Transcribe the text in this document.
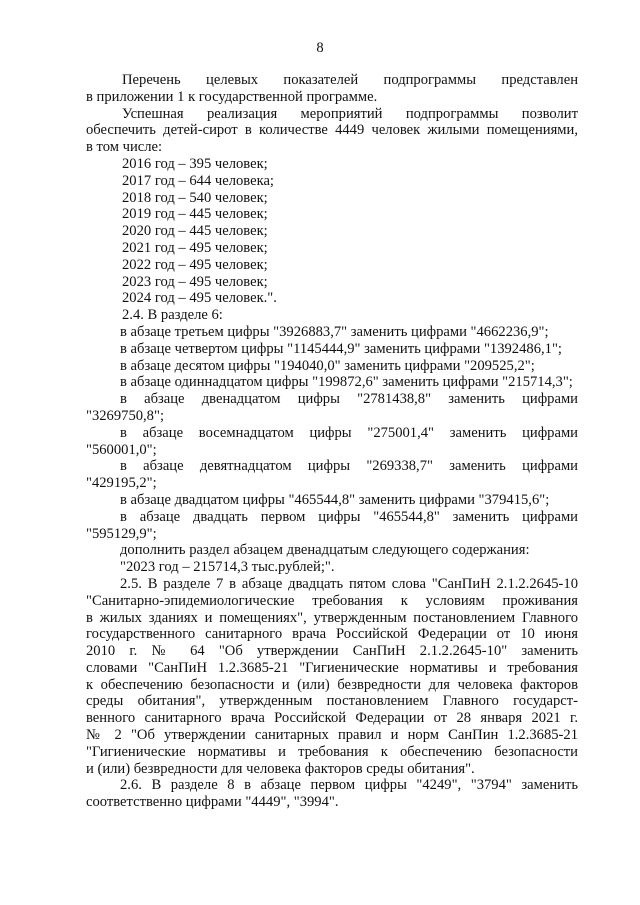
8
Перечень целевых показателей подпрограммы представлен
в приложении 1 к государственной программе.
Успешная реализация мероприятий подпрограммы позволит
обеспечить детей-сирот в количестве 4449 человек жилыми помещениями,
в том числе:
2016 год – 395 человек;
2017 год – 644 человека;
2018 год – 540 человек;
2019 год – 445 человек;
2020 год – 445 человек;
2021 год – 495 человек;
2022 год – 495 человек;
2023 год – 495 человек;
2024 год – 495 человек.".
2.4. В разделе 6:
в абзаце третьем цифры "3926883,7" заменить цифрами "4662236,9";
в абзаце четвертом цифры "1145444,9" заменить цифрами "1392486,1";
в абзаце десятом цифры "194040,0" заменить цифрами "209525,2";
в абзаце одиннадцатом цифры "199872,6" заменить цифрами "215714,3";
в абзаце двенадцатом цифры "2781438,8" заменить цифрами
"3269750,8";
в абзаце восемнадцатом цифры "275001,4" заменить цифрами
"560001,0";
в абзаце девятнадцатом цифры "269338,7" заменить цифрами
"429195,2";
в абзаце двадцатом цифры "465544,8" заменить цифрами "379415,6";
в абзаце двадцать первом цифры "465544,8" заменить цифрами
"595129,9";
дополнить раздел абзацем двенадцатым следующего содержания:
"2023 год – 215714,3 тыс.рублей;".
2.5. В разделе 7 в абзаце двадцать пятом слова "СанПиН 2.1.2.2645-10
"Санитарно-эпидемиологические требования к условиям проживания
в жилых зданиях и помещениях", утвержденным постановлением Главного
государственного санитарного врача Российской Федерации от 10 июня
2010 г. № 64 "Об утверждении СанПиН 2.1.2.2645-10" заменить
словами "СанПиН 1.2.3685-21 "Гигиенические нормативы и требования
к обеспечению безопасности и (или) безвредности для человека факторов
среды обитания", утвержденным постановлением Главного государст-
венного санитарного врача Российской Федерации от 28 января 2021 г.
№ 2 "Об утверждении санитарных правил и норм СанПин 1.2.3685-21
"Гигиенические нормативы и требования к обеспечению безопасности
и (или) безвредности для человека факторов среды обитания".
2.6. В разделе 8 в абзаце первом цифры "4249", "3794" заменить
соответственно цифрами "4449", "3994".
